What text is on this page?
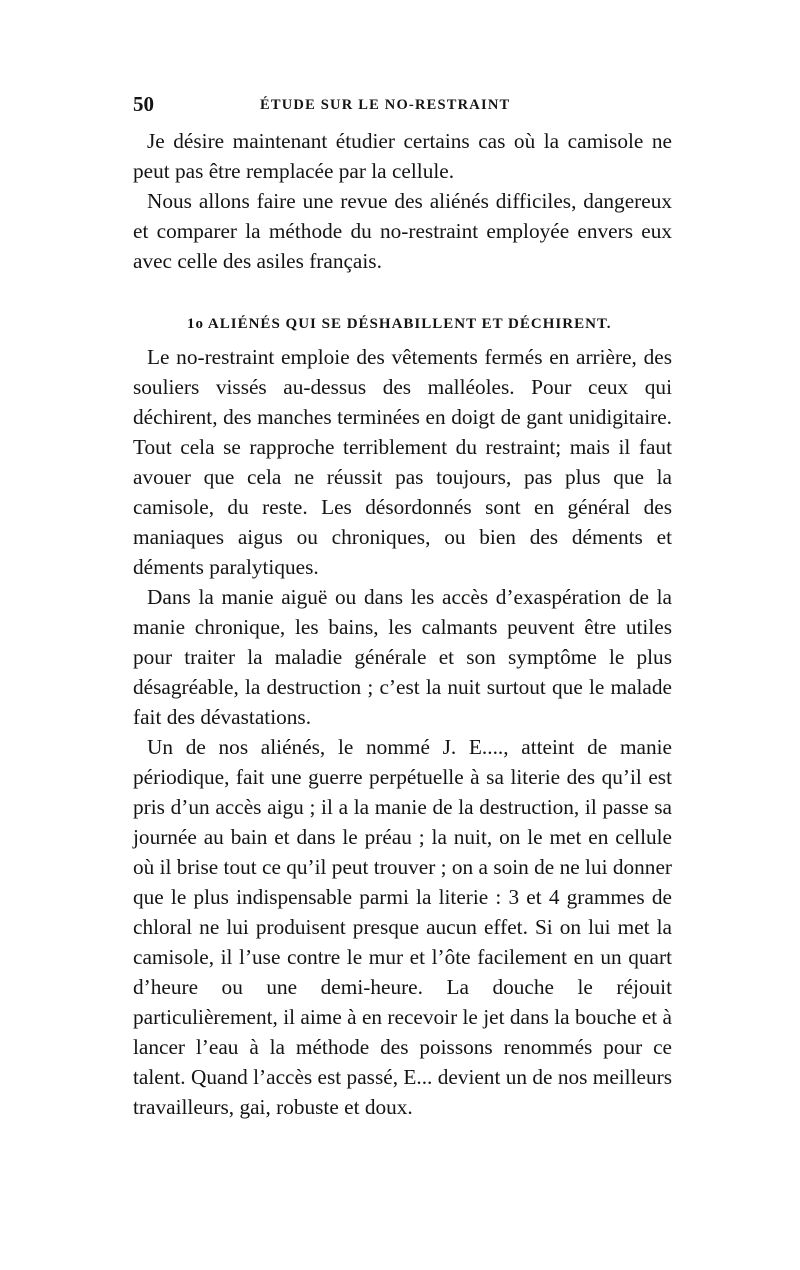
50	ÉTUDE SUR LE NO-RESTRAINT

Je désire maintenant étudier certains cas où la camisole ne peut pas être remplacée par la cellule.

Nous allons faire une revue des aliénés difficiles, dangereux et comparer la méthode du no-restraint employée envers eux avec celle des asiles français.

1o ALIÉNÉS QUI SE DÉSHABILLENT ET DÉCHIRENT.

Le no-restraint emploie des vêtements fermés en arrière, des souliers vissés au-dessus des malléoles. Pour ceux qui déchirent, des manches terminées en doigt de gant unidigitaire. Tout cela se rapproche terriblement du restraint; mais il faut avouer que cela ne réussit pas toujours, pas plus que la camisole, du reste. Les désordonnés sont en général des maniaques aigus ou chroniques, ou bien des déments et déments paralytiques.

Dans la manie aiguë ou dans les accès d’exaspération de la manie chronique, les bains, les calmants peuvent être utiles pour traiter la maladie générale et son symptôme le plus désagréable, la destruction ; c’est la nuit surtout que le malade fait des dévastations.

Un de nos aliénés, le nommé J. E...., atteint de manie périodique, fait une guerre perpétuelle à sa literie des qu’il est pris d’un accès aigu ; il a la manie de la destruction, il passe sa journée au bain et dans le préau ; la nuit, on le met en cellule où il brise tout ce qu’il peut trouver ; on a soin de ne lui donner que le plus indispensable parmi la literie : 3 et 4 grammes de chloral ne lui produisent presque aucun effet. Si on lui met la camisole, il l’use contre le mur et l’ôte facilement en un quart d’heure ou une demi-heure. La douche le réjouit particulièrement, il aime à en recevoir le jet dans la bouche et à lancer l’eau à la méthode des poissons renommés pour ce talent. Quand l’accès est passé, E... devient un de nos meilleurs travailleurs, gai, robuste et doux.
